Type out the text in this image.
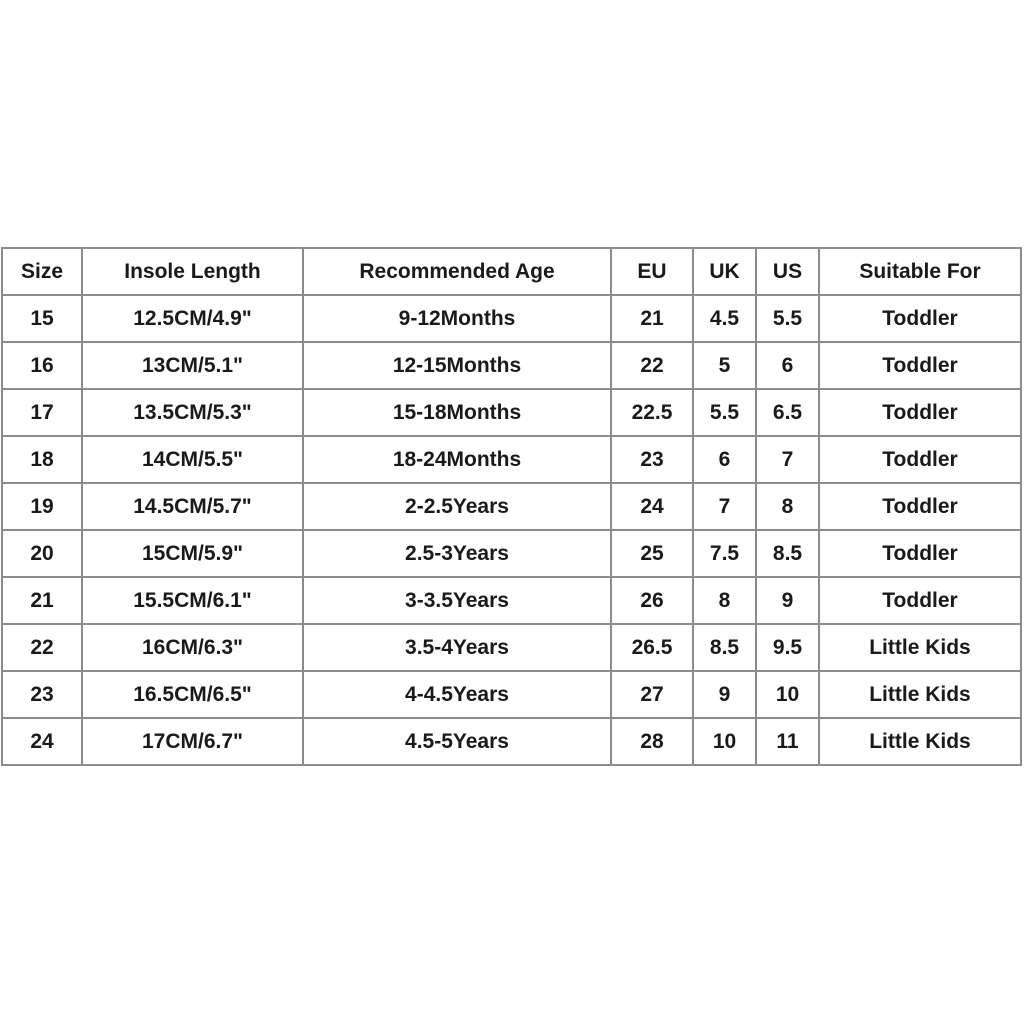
Size	Insole Length	Recommended Age	EU	UK	US	Suitable For
15	12.5CM/4.9"	9-12Months	21	4.5	5.5	Toddler
16	13CM/5.1"	12-15Months	22	5	6	Toddler
17	13.5CM/5.3"	15-18Months	22.5	5.5	6.5	Toddler
18	14CM/5.5"	18-24Months	23	6	7	Toddler
19	14.5CM/5.7"	2-2.5Years	24	7	8	Toddler
20	15CM/5.9"	2.5-3Years	25	7.5	8.5	Toddler
21	15.5CM/6.1"	3-3.5Years	26	8	9	Toddler
22	16CM/6.3"	3.5-4Years	26.5	8.5	9.5	Little Kids
23	16.5CM/6.5"	4-4.5Years	27	9	10	Little Kids
24	17CM/6.7"	4.5-5Years	28	10	11	Little Kids
